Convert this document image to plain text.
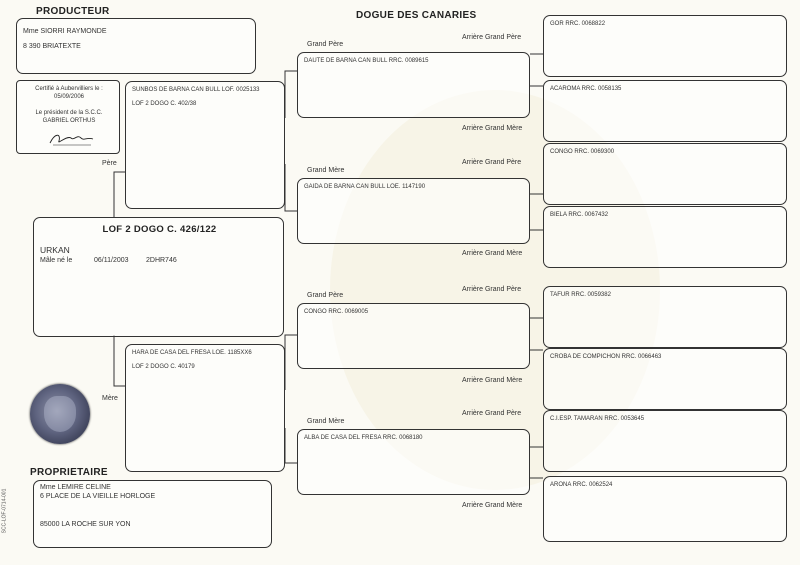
DOGUE DES CANARIES
PRODUCTEUR
Mme SIORRI RAYMONDE
8 390 BRIATEXTE
Certifié à Aubervilliers le :
05/09/2006
Le président de la S.C.C.
GABRIEL ORTHUS
LOF 2 DOGO C. 426/122
URKAN
Mâle né le	06/11/2003 2DHR746
Père
Mère
SUNBOS DE BARNA CAN BULL LOF. 0025133
LOF 2 DOGO C. 402/38
HARA DE CASA DEL FRESA LOE. 1185XX6
LOF 2 DOGO C. 40179
Grand Père
Grand Mère
Grand Père
Grand Mère
DAUTE DE BARNA CAN BULL RRC. 0089615
GAIDA DE BARNA CAN BULL LOE. 1147190
CONGO RRC. 0069005
ALBA DE CASA DEL FRESA RRC. 0068180
Arrière Grand Père
Arrière Grand Mère
Arrière Grand Père
Arrière Grand Mère
Arrière Grand Père
Arrière Grand Mère
Arrière Grand Père
Arrière Grand Mère
GOR RRC. 0068822
ACAROMA RRC. 0058135
CONGO RRC. 0069300
BIELA RRC. 0067432
TAFUR RRC. 0059382
CROBA DE COMPICHON RRC. 0066463
C.I.ESP. TAMARAN RRC. 0053645
ARONA RRC. 0062524
PROPRIETAIRE
Mme LEMIRE CELINE
6 PLACE DE LA VIEILLE HORLOGE
85000 LA ROCHE SUR YON
SCC-LOF-0714-001
